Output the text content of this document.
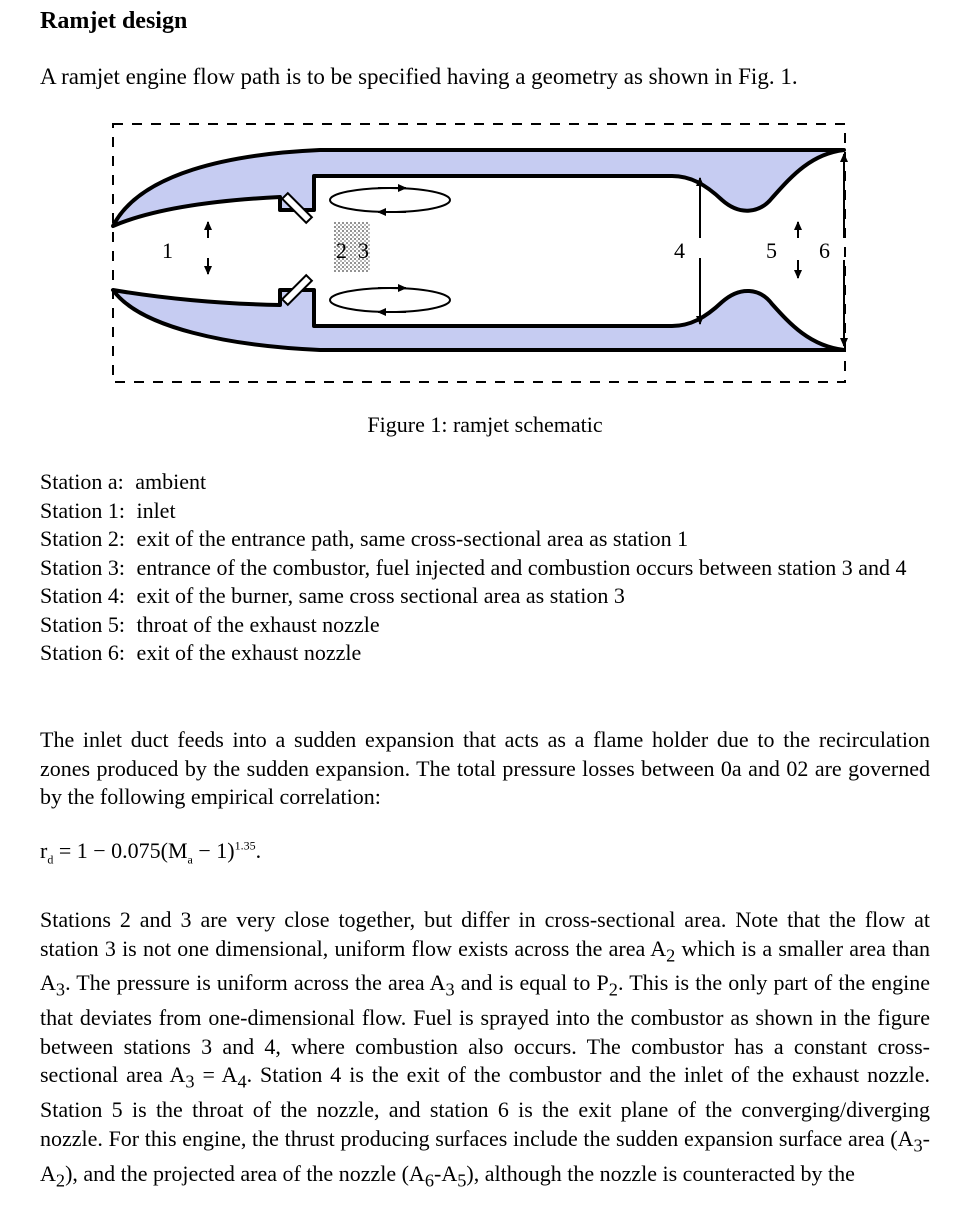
Ramjet design

A ramjet engine flow path is to be specified having a geometry as shown in Fig. 1.

1	2 3	4	5 6

Figure 1: ramjet schematic

Station a: ambient
Station 1: inlet
Station 2: exit of the entrance path, same cross-sectional area as station 1
Station 3: entrance of the combustor, fuel injected and combustion occurs between station 3 and 4
Station 4: exit of the burner, same cross sectional area as station 3
Station 5: throat of the exhaust nozzle
Station 6: exit of the exhaust nozzle

The inlet duct feeds into a sudden expansion that acts as a flame holder due to the recirculation zones produced by the sudden expansion. The total pressure losses between 0a and 02 are governed by the following empirical correlation:

$r_d = 1 - 0.075(M_a - 1)^{1.35}$.

Stations 2 and 3 are very close together, but differ in cross-sectional area. Note that the flow at station 3 is not one dimensional, uniform flow exists across the area $A_2$ which is a smaller area than $A_3$. The pressure is uniform across the area $A_3$ and is equal to $P_2$. This is the only part of the engine that deviates from one-dimensional flow. Fuel is sprayed into the combustor as shown in the figure between stations 3 and 4, where combustion also occurs. The combustor has a constant cross-sectional area $A_3 = A_4$. Station 4 is the exit of the combustor and the inlet of the exhaust nozzle. Station 5 is the throat of the nozzle, and station 6 is the exit plane of the converging/diverging nozzle. For this engine, the thrust producing surfaces include the sudden expansion surface area $(A_3-A_2)$, and the projected area of the nozzle $(A_6-A_5)$, although the nozzle is counteracted by the
